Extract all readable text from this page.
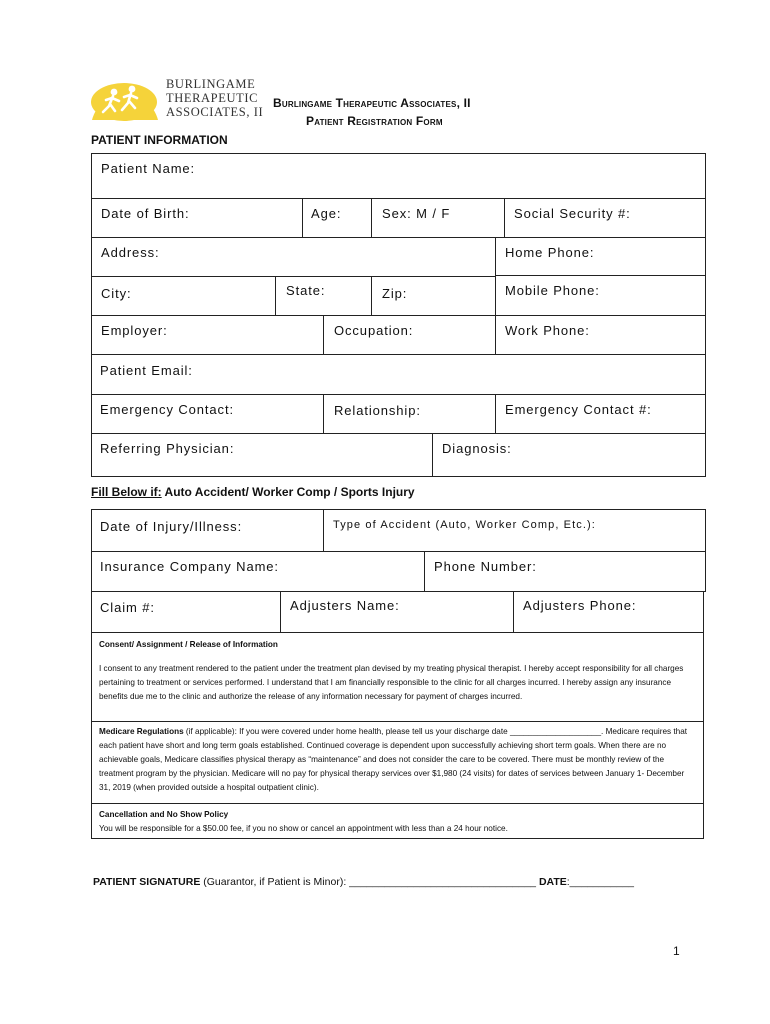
BURLINGAME
THERAPEUTIC
ASSOCIATES, II
Burlingame Therapeutic Associates, II
Patient Registration Form
PATIENT INFORMATION
Patient Name:
Date of Birth:	Age:	Sex: M / F	Social Security #:
Address:	Home Phone:
City:	State:	Zip:	Mobile Phone:
Employer:	Occupation:	Work Phone:
Patient Email:
Emergency Contact:	Relationship:	Emergency Contact #:
Referring Physician:	Diagnosis:
Fill Below if: Auto Accident/ Worker Comp / Sports Injury
Date of Injury/Illness:	Type of Accident (Auto, Worker Comp, Etc.):
Insurance Company Name:	Phone Number:
Claim #:	Adjusters Name:	Adjusters Phone:
Consent/ Assignment / Release of Information
I consent to any treatment rendered to the patient under the treatment plan devised by my treating physical therapist. I hereby accept responsibility for all charges pertaining to treatment or services performed. I understand that I am financially responsible to the clinic for all charges incurred. I hereby assign any insurance benefits due me to the clinic and authorize the release of any information necessary for payment of charges incurred.
Medicare Regulations (if applicable): If you were covered under home health, please tell us your discharge date ____________________. Medicare requires that each patient have short and long term goals established. Continued coverage is dependent upon successfully achieving short term goals. When there are no achievable goals, Medicare classifies physical therapy as “maintenance” and does not consider the care to be covered. There must be monthly review of the treatment program by the physician. Medicare will no pay for physical therapy services over $1,980 (24 visits) for dates of services between January 1- December 31, 2019 (when provided outside a hospital outpatient clinic).
Cancellation and No Show Policy
You will be responsible for a $50.00 fee, if you no show or cancel an appointment with less than a 24 hour notice.
PATIENT SIGNATURE (Guarantor, if Patient is Minor): ________________________________ DATE:___________
1
